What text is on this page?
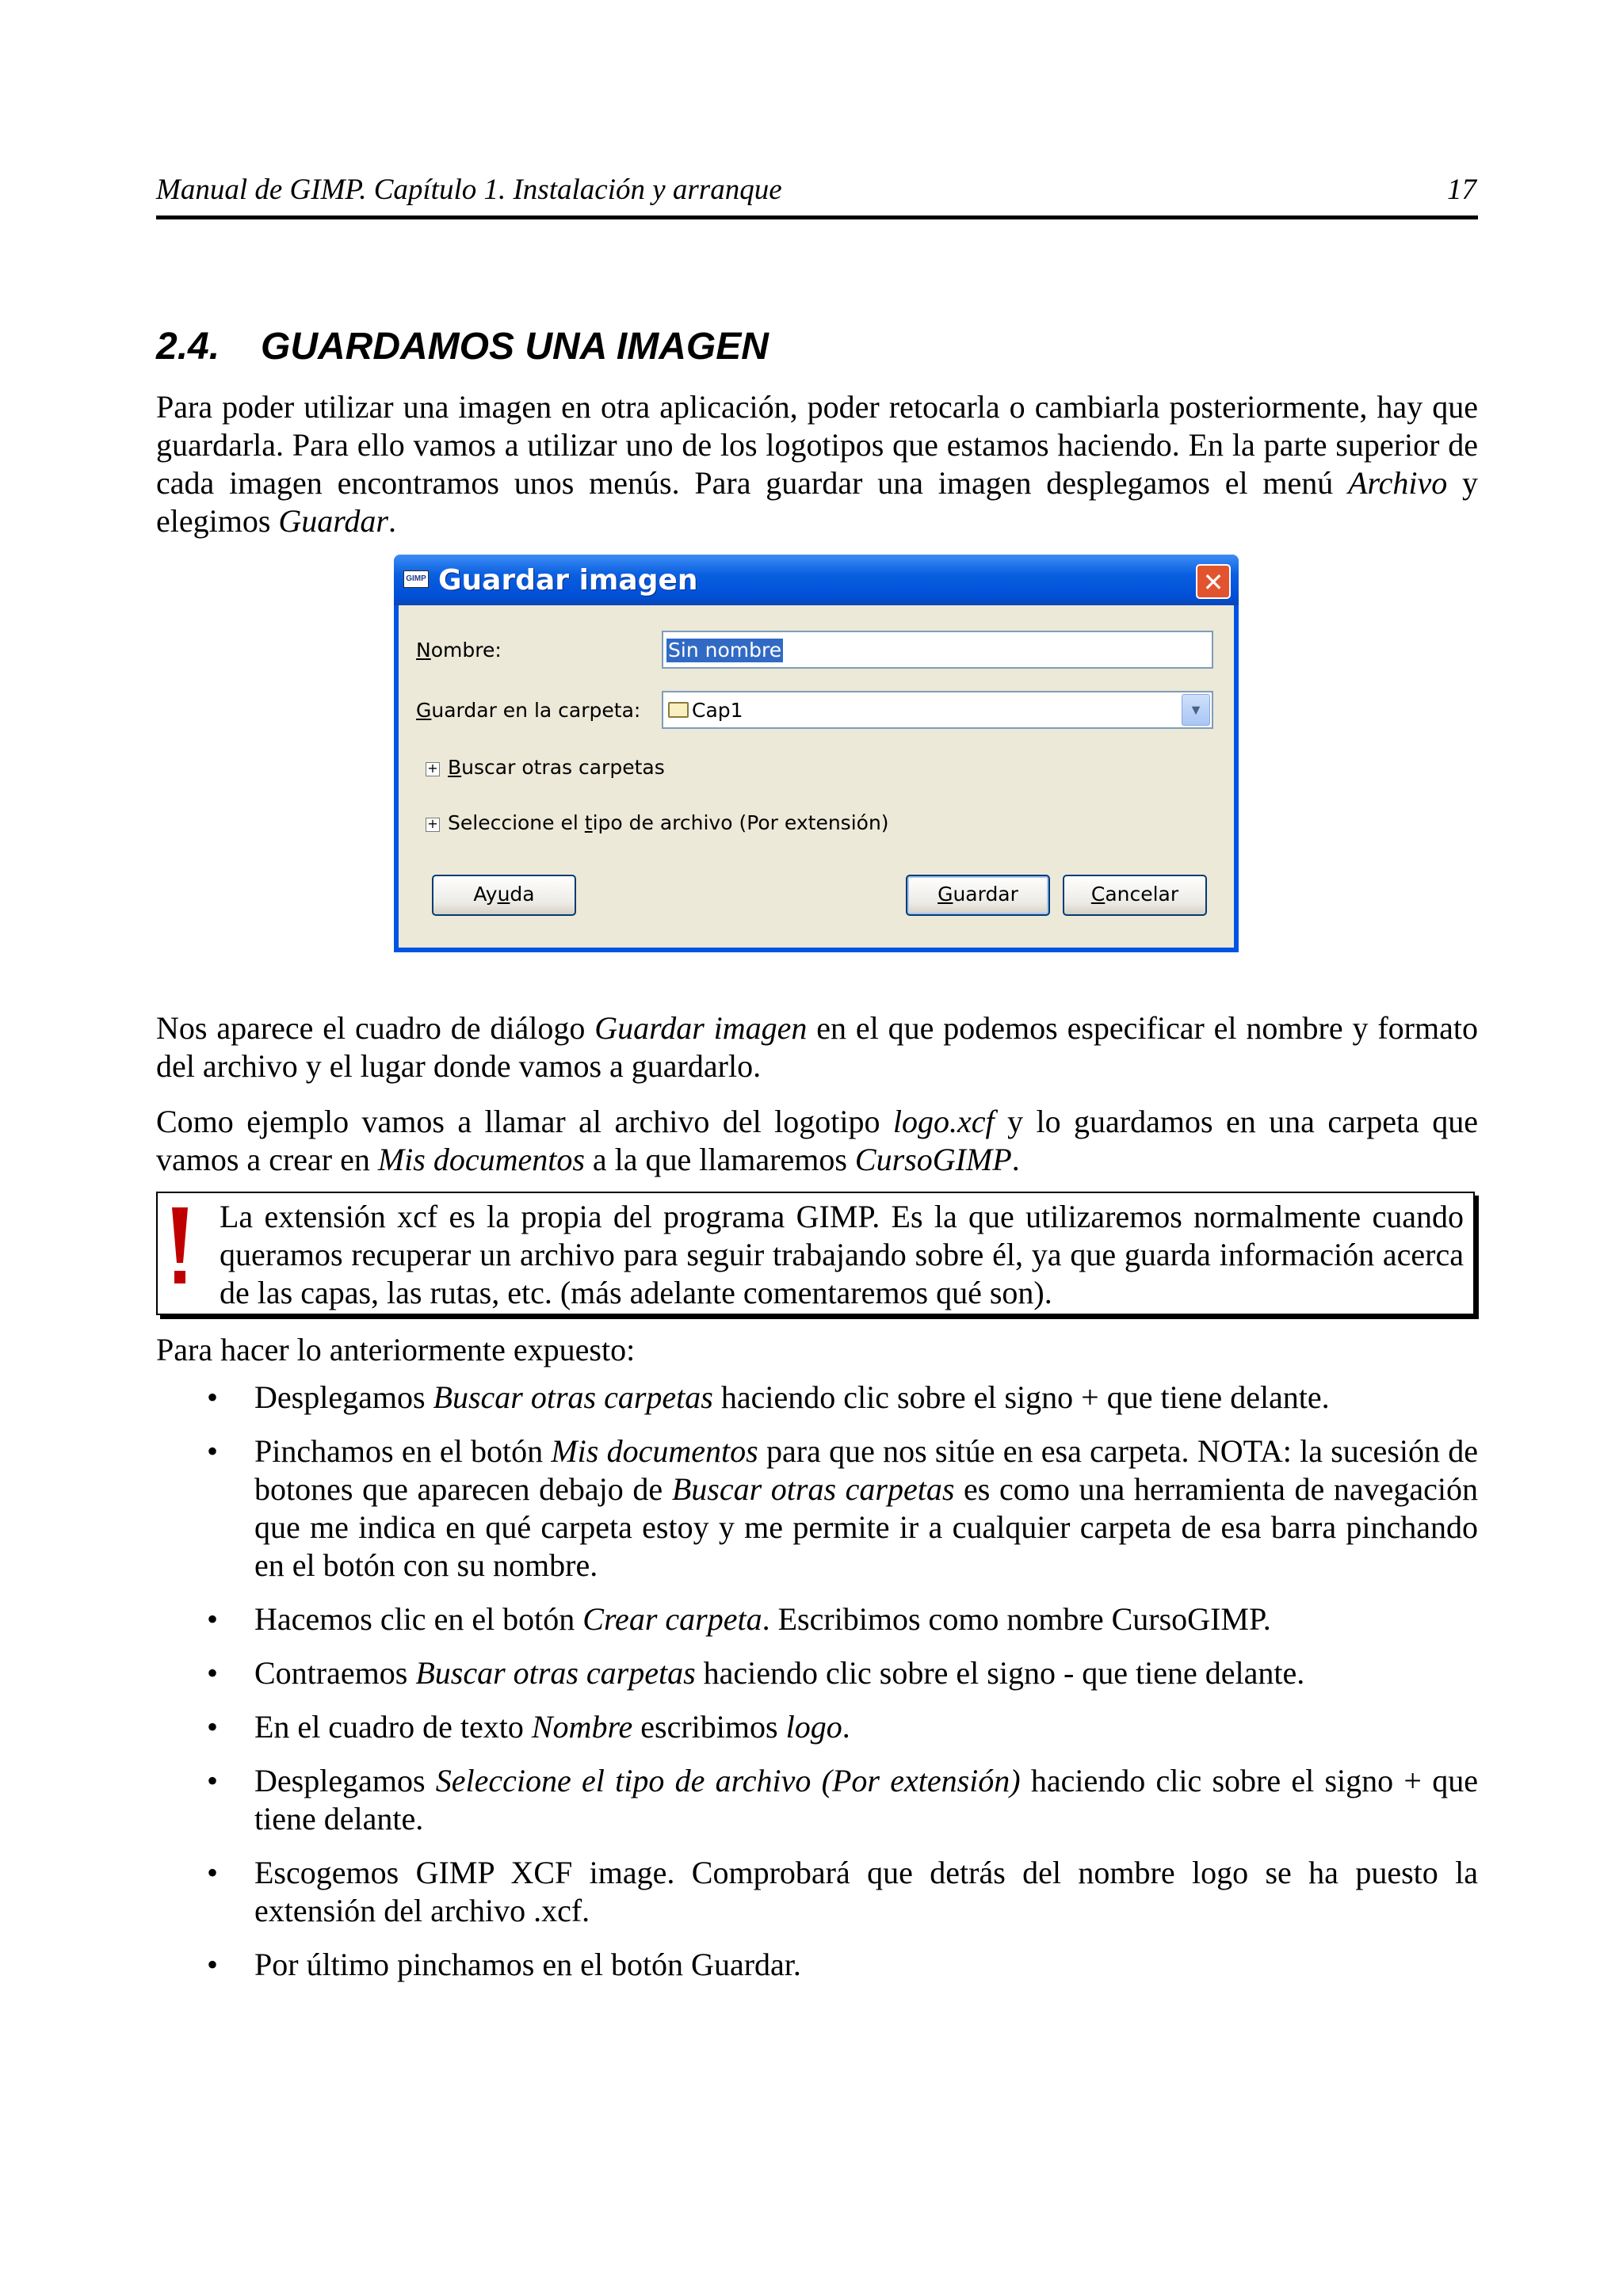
Manual de GIMP. Capítulo 1. Instalación y arranque	17
2.4. GUARDAMOS UNA IMAGEN

Para poder utilizar una imagen en otra aplicación, poder retocarla o cambiarla posteriormente, hay que guardarla. Para ello vamos a utilizar uno de los logotipos que estamos haciendo. En la parte superior de cada imagen encontramos unos menús. Para guardar una imagen desplegamos el menú Archivo y elegimos Guardar.

GIMP Guardar imagen	✕
Nombre:	Sin nombre
Guardar en la carpeta:	Cap1	▼
+ Buscar otras carpetas
+ Seleccione el tipo de archivo (Por extensión)
Ayuda	Guardar	Cancelar

Nos aparece el cuadro de diálogo Guardar imagen en el que podemos especificar el nombre y formato del archivo y el lugar donde vamos a guardarlo.

Como ejemplo vamos a llamar al archivo del logotipo logo.xcf y lo guardamos en una carpeta que vamos a crear en Mis documentos a la que llamaremos CursoGIMP.

La extensión xcf es la propia del programa GIMP. Es la que utilizaremos normalmente cuando queramos recuperar un archivo para seguir trabajando sobre él, ya que guarda información acerca de las capas, las rutas, etc. (más adelante comentaremos qué son).

Para hacer lo anteriormente expuesto:

• Desplegamos Buscar otras carpetas haciendo clic sobre el signo + que tiene delante.
• Pinchamos en el botón Mis documentos para que nos sitúe en esa carpeta. NOTA: la sucesión de botones que aparecen debajo de Buscar otras carpetas es como una herramienta de navegación que me indica en qué carpeta estoy y me permite ir a cualquier carpeta de esa barra pinchando en el botón con su nombre.
• Hacemos clic en el botón Crear carpeta. Escribimos como nombre CursoGIMP.
• Contraemos Buscar otras carpetas haciendo clic sobre el signo - que tiene delante.
• En el cuadro de texto Nombre escribimos logo.
• Desplegamos Seleccione el tipo de archivo (Por extensión) haciendo clic sobre el signo + que tiene delante.
• Escogemos GIMP XCF image. Comprobará que detrás del nombre logo se ha puesto la extensión del archivo .xcf.
• Por último pinchamos en el botón Guardar.
